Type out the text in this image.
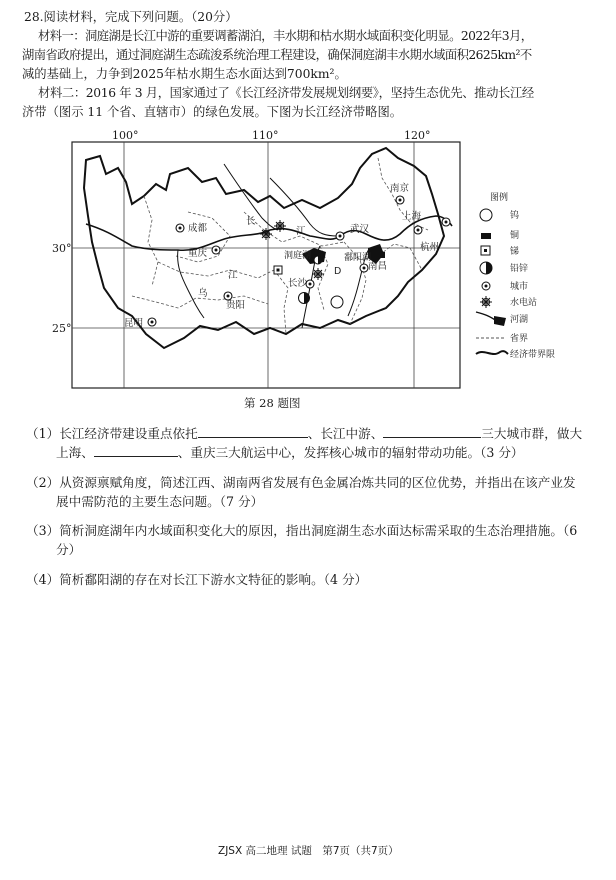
28.阅读材料，完成下列问题。（20分）
材料一：洞庭湖是长江中游的重要调蓄湖泊，丰水期和枯水期水域面积变化明显。2022年3月，
湖南省政府提出，通过洞庭湖生态疏浚系统治理工程建设，确保洞庭湖丰水期水域面积2625km²不
减的基础上，力争到2025年枯水期生态水面达到700km²。
材料二：2016 年 3 月，国家通过了《长江经济带发展规划纲要》，坚持生态优先、推动长江经
济带（图示 11 个省、直辖市）的绿色发展。下图为长江经济带略图。
100°	110°	120°
成都
重庆
贵阳
昆明
长沙
武汉
南昌
南京
上海
杭州
洞庭湖	鄱阳湖
长
江
江
乌
D
图例
钨
铜
锑
铅锌
城市
水电站
河湖
省界
经济带界限
30°
25°
第 28 题图
（1）长江经济带建设重点依托	、长江中游、	三大城市群，做大
上海、	、重庆三大航运中心，发挥核心城市的辐射带动功能。（3 分）
（2）从资源禀赋角度，简述江西、湖南两省发展有色金属冶炼共同的区位优势，并指出在该产业发
展中需防范的主要生态问题。（7 分）
（3）简析洞庭湖年内水域面积变化大的原因，指出洞庭湖生态水面达标需采取的生态治理措施。（6
分）
（4）简析鄱阳湖的存在对长江下游水文特征的影响。（4 分）
ZJSX 高二地理 试题　第7页（共7页）
